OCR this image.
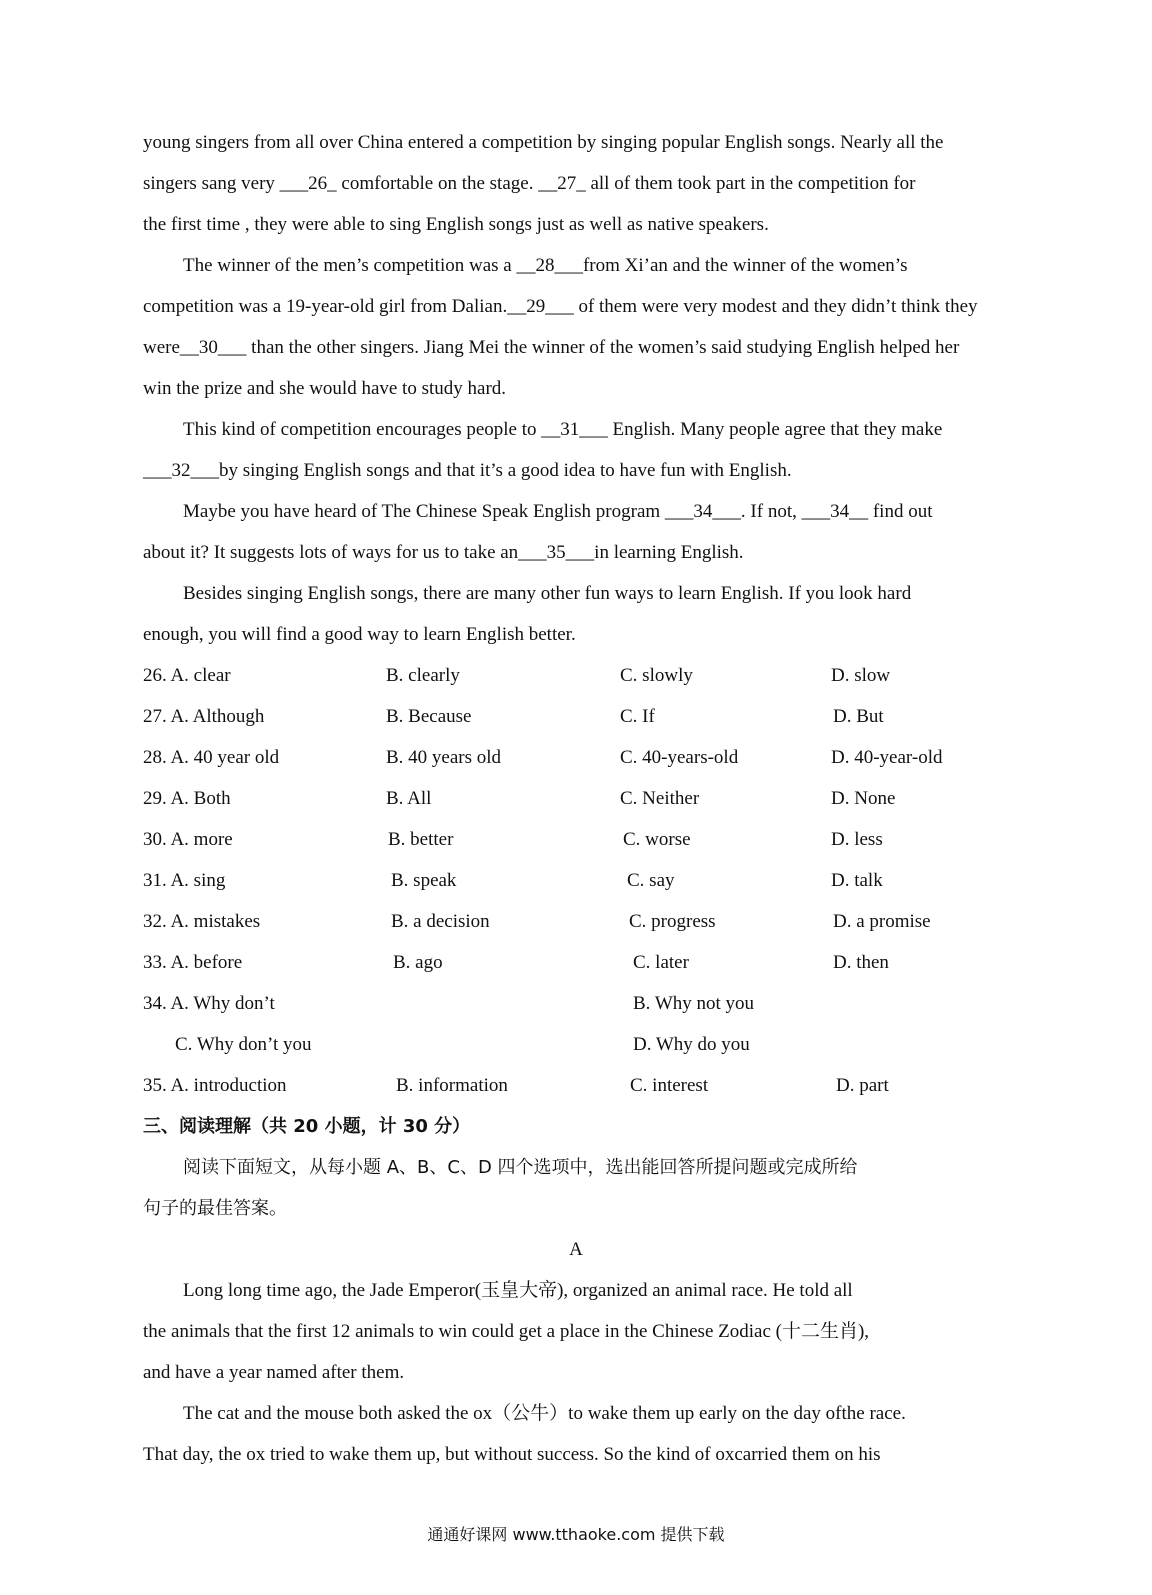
young singers from all over China entered a competition by singing popular English songs. Nearly all the
singers sang very ___26_ comfortable on the stage. __27_ all of them took part in the competition for
the first time , they were able to sing English songs just as well as native speakers.
The winner of the men’s competition was a __28___from Xi’an and the winner of the women’s
competition was a 19-year-old girl from Dalian.__29___ of them were very modest and they didn’t think they
were__30___ than the other singers. Jiang Mei the winner of the women’s said studying English helped her
win the prize and she would have to study hard.
This kind of competition encourages people to __31___ English. Many people agree that they make
___32___by singing English songs and that it’s a good idea to have fun with English.
Maybe you have heard of The Chinese Speak English program ___34___. If not, ___34__ find out
about it? It suggests lots of ways for us to take an___35___in learning English.
Besides singing English songs, there are many other fun ways to learn English. If you look hard
enough, you will find a good way to learn English better.
26. A. clear	B. clearly	C. slowly	D. slow
27. A. Although	B. Because	C. If	D. But
28. A. 40 year old	B. 40 years old	C. 40-years-old	D. 40-year-old
29. A. Both	B. All	C. Neither	D. None
30. A. more	B. better	C. worse	D. less
31. A. sing	B. speak	C. say	D. talk
32. A. mistakes	B. a decision	C. progress	D. a promise
33. A. before	B. ago	C. later	D. then
34. A. Why don’t	B. Why not you
C. Why don’t you	D. Why do you
35. A. introduction	B. information	C. interest	D. part
三、阅读理解（共 20 小题，计 30 分）
阅读下面短文，从每小题 A、B、C、D 四个选项中，选出能回答所提问题或完成所给
句子的最佳答案。
A
Long long time ago, the Jade Emperor(玉皇大帝), organized an animal race. He told all
the animals that the first 12 animals to win could get a place in the Chinese Zodiac (十二生肖),
and have a year named after them.
The cat and the mouse both asked the ox（公牛）to wake them up early on the day ofthe race.
That day, the ox tried to wake them up, but without success. So the kind of oxcarried them on his
通通好课网 www.tthaoke.com 提供下载
